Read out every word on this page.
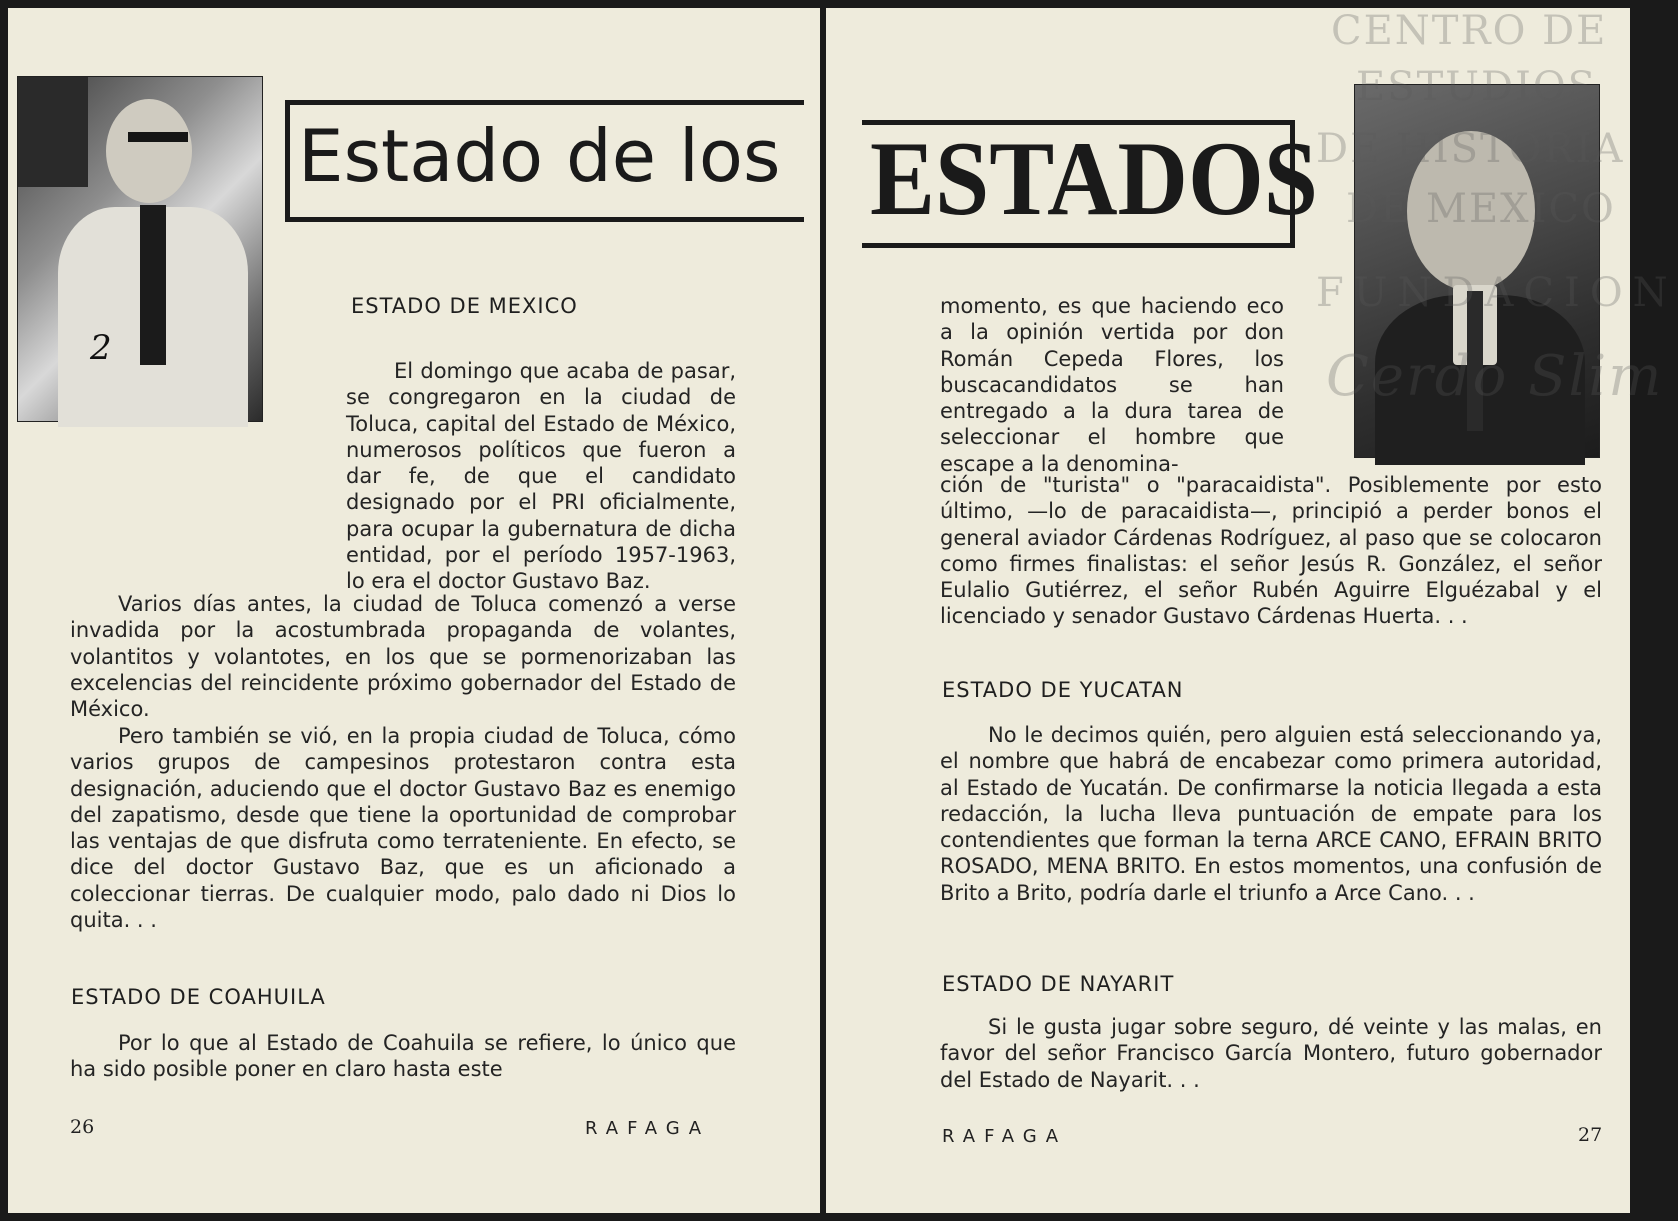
2
Estado de los
ESTADO DE MEXICO
El domingo que acaba de pasar, se congregaron en la ciudad de Toluca, capital del Estado de México, numerosos políticos que fueron a dar fe, de que el candidato designado por el PRI oficialmente, para ocupar la gubernatura de dicha entidad, por el período 1957-1963, lo era el doctor Gustavo Baz.
Varios días antes, la ciudad de Toluca comenzó a verse invadida por la acostumbrada propaganda de volantes, volantitos y volantotes, en los que se pormenorizaban las excelencias del reincidente próximo gobernador del Estado de México.
Pero también se vió, en la propia ciudad de Toluca, cómo varios grupos de campesinos protestaron contra esta designación, aduciendo que el doctor Gustavo Baz es enemigo del zapatismo, desde que tiene la oportunidad de comprobar las ventajas de que disfruta como terrateniente. En efecto, se dice del doctor Gustavo Baz, que es un aficionado a coleccionar tierras. De cualquier modo, palo dado ni Dios lo quita. . .
ESTADO DE COAHUILA
Por lo que al Estado de Coahuila se refiere, lo único que ha sido posible poner en claro hasta este
26	RAFAGA
ESTADOS
CENTRO DE
ESTUDIOS
DE HISTORIA
DE MEXICO
FUNDACION
Cerdo Slim
momento, es que haciendo eco a la opinión vertida por don Román Cepeda Flores, los buscacandidatos se han entregado a la dura tarea de seleccionar el hombre que escape a la denomina-
ción de "turista" o "paracaidista". Posiblemente por esto último, —lo de paracaidista—, principió a perder bonos el general aviador Cárdenas Rodríguez, al paso que se colocaron como firmes finalistas: el señor Jesús R. González, el señor Eulalio Gutiérrez, el señor Rubén Aguirre Elguézabal y el licenciado y senador Gustavo Cárdenas Huerta. . .
ESTADO DE YUCATAN
No le decimos quién, pero alguien está seleccionando ya, el nombre que habrá de encabezar como primera autoridad, al Estado de Yucatán. De confirmarse la noticia llegada a esta redacción, la lucha lleva puntuación de empate para los contendientes que forman la terna ARCE CANO, EFRAIN BRITO ROSADO, MENA BRITO. En estos momentos, una confusión de Brito a Brito, podría darle el triunfo a Arce Cano. . .
ESTADO DE NAYARIT
Si le gusta jugar sobre seguro, dé veinte y las malas, en favor del señor Francisco García Montero, futuro gobernador del Estado de Nayarit. . .
RAFAGA	27
